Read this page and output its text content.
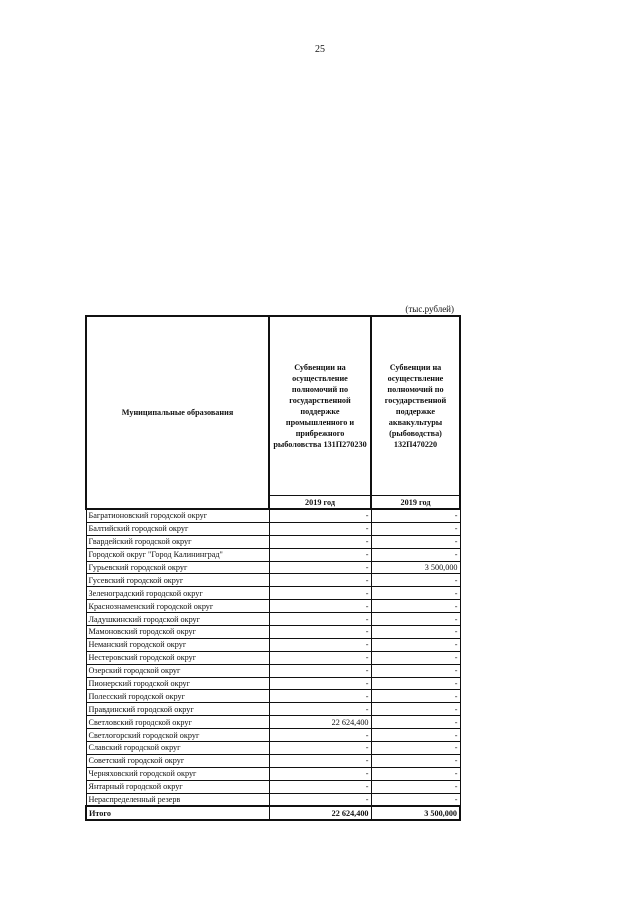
25
(тыс.рублей)
Муниципальные образования	Субвенции на осуществление полномочий по государственной поддержке промышленного и прибрежного рыболовства 131П270230	Субвенции на осуществление полномочий по государственной поддержке аквакультуры (рыбоводства) 132П470220
	2019 год	2019 год
Багратионовский городской округ	-	-
Балтийский городской округ	-	-
Гвардейский городской округ	-	-
Городской округ "Город Калининград"	-	-
Гурьевский городской округ	-	3 500,000
Гусевский городской округ	-	-
Зеленоградский городской округ	-	-
Краснознаменский городской округ	-	-
Ладушкинский городской округ	-	-
Мамоновский городской округ	-	-
Неманский городской округ	-	-
Нестеровский городской округ	-	-
Озерский городской округ	-	-
Пионерский городской округ	-	-
Полесский городской округ	-	-
Правдинский городской округ	-	-
Светловский городской округ	22 624,400	-
Светлогорский городской округ	-	-
Славский городской округ	-	-
Советский городской округ	-	-
Черняховский городской округ	-	-
Янтарный городской округ	-	-
Нераспределенный резерв	-	-
Итого	22 624,400	3 500,000
